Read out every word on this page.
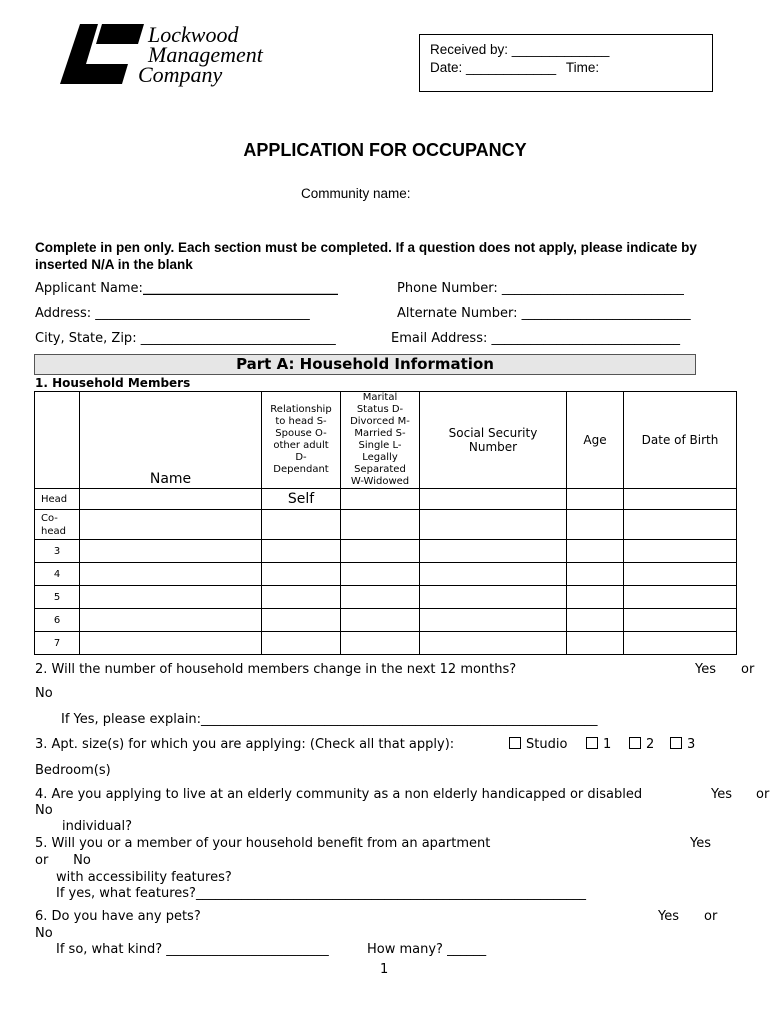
Lockwood
Management
Company
Received by: _____________
Date: ____________ Time:
APPLICATION FOR OCCUPANCY
Community name:
Complete in pen only. Each section must be completed. If a question does not apply, please indicate by inserted N/A in the blank
Applicant Name:______________________________	Phone Number: ____________________________
Address: _________________________________	Alternate Number: __________________________
City, State, Zip: ______________________________	Email Address: _____________________________
Part A: Household Information
1. Household Members
	Name	Relationship to head S-Spouse O-other adult D-Dependant	Marital Status D-Divorced M-Married S-Single L-Legally Separated W-Widowed	Social Security Number	Age	Date of Birth
Head		Self				

Co-head						

3						
4						
5						
6						
7						
2. Will the number of household members change in the next 12 months?	Yes or
No
If Yes, please explain:_____________________________________________________________
3. Apt. size(s) for which you are applying: (Check all that apply):	Studio	1	2	3
Bedroom(s)
4. Are you applying to live at an elderly community as a non elderly handicapped or disabled	Yes or
No
individual?
5. Will you or a member of your household benefit from an apartment	Yes
or      No
with accessibility features?
If yes, what features?____________________________________________________________
6. Do you have any pets?	Yes or
No
If so, what kind? _________________________	How many? ______
1
